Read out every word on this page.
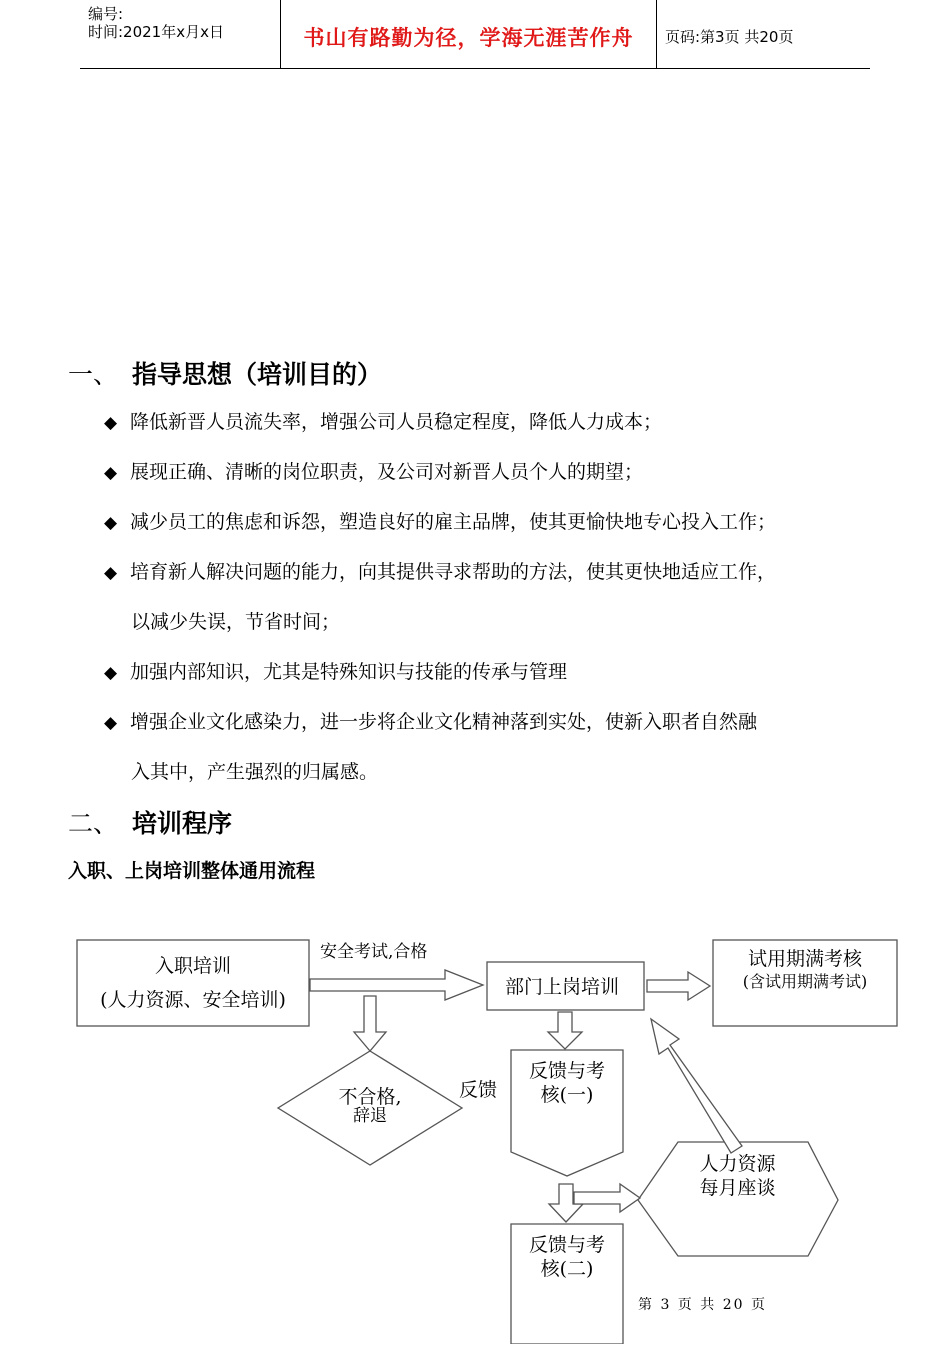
编号:
时间:2021年x月x日	书山有路勤为径，学海无涯苦作舟	页码:第3页 共20页
一、 指导思想（培训目的）
◆ 降低新晋人员流失率，增强公司人员稳定程度，降低人力成本；
◆ 展现正确、清晰的岗位职责，及公司对新晋人员个人的期望；
◆ 减少员工的焦虑和诉怨，塑造良好的雇主品牌，使其更愉快地专心投入工作；
◆ 培育新人解决问题的能力，向其提供寻求帮助的方法，使其更快地适应工作，
以减少失误，节省时间；
◆ 加强内部知识，尤其是特殊知识与技能的传承与管理
◆ 增强企业文化感染力，进一步将企业文化精神落到实处，使新入职者自然融
入其中，产生强烈的归属感。
二、 培训程序
入职、上岗培训整体通用流程
入职培训
(人力资源、安全培训)
安全考试,合格
部门上岗培训
试用期满考核
(含试用期满考试)
不合格,
辞退
反馈
反馈与考
核(一)
人力资源
每月座谈
反馈与考
核(二)
第 3 页 共 20 页
